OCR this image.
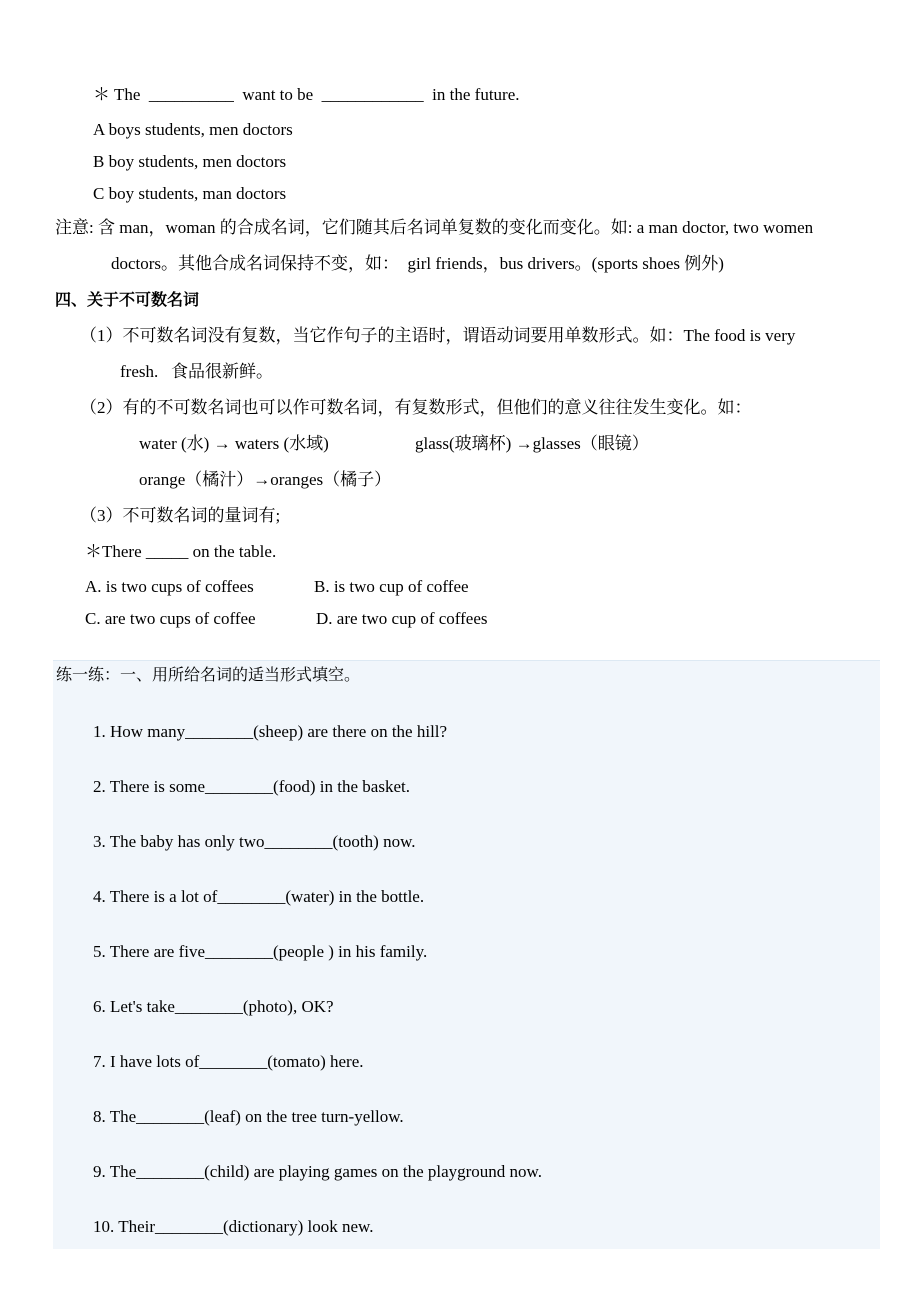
＊ The  __________  want to be  ____________  in the future.
A boys students, men doctors
B boy students, men doctors
C boy students, man doctors
注意: 含 man，woman 的合成名词，它们随其后名词单复数的变化而变化。如: a man doctor, two women
doctors。其他合成名词保持不变，如：  girl friends，bus drivers。(sports shoes 例外)
四、关于不可数名词
（1）不可数名词没有复数，当它作句子的主语时，谓语动词要用单数形式。如：The food is very
fresh.   食品很新鲜。
（2）有的不可数名词也可以作可数名词，有复数形式，但他们的意义往往发生变化。如：
water (水) → waters (水域)	glass(玻璃杯) →glasses（眼镜）
orange（橘汁）→oranges（橘子）
（3）不可数名词的量词有;
＊There _____ on the table.
A. is two cups of coffees	B. is two cup of coffee
C. are two cups of coffee	D. are two cup of coffees
练一练：一、用所给名词的适当形式填空。
1. How many________(sheep) are there on the hill?
2. There is some________(food) in the basket.
3. The baby has only two________(tooth) now.
4. There is a lot of________(water) in the bottle.
5. There are five________(people ) in his family.
6. Let's take________(photo), OK?
7. I have lots of________(tomato) here.
8. The________(leaf) on the tree turn-yellow.
9. The________(child) are playing games on the playground now.
10. Their________(dictionary) look new.
